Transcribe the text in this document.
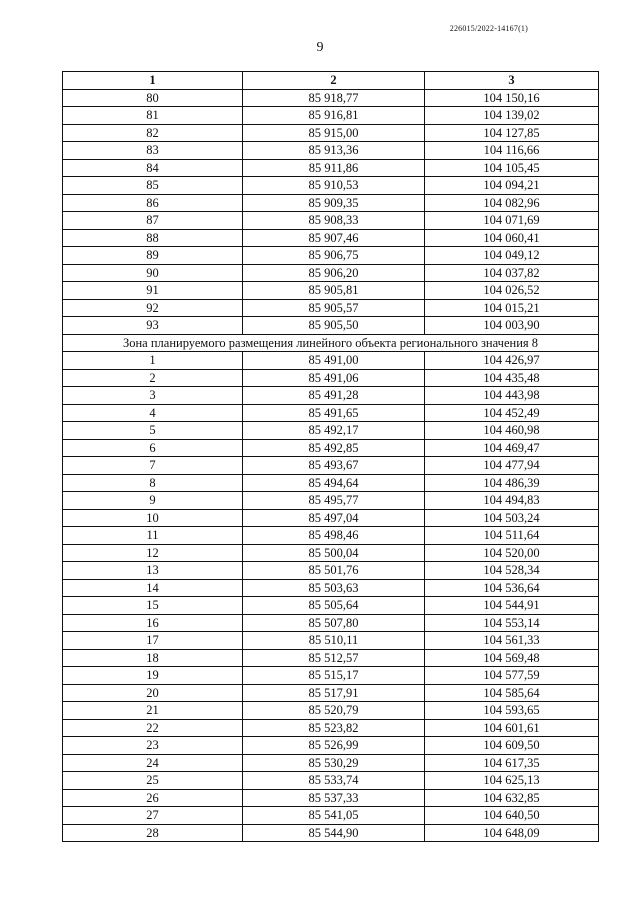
226015/2022-14167(1)
9
1	2	3
80	85 918,77	104 150,16
81	85 916,81	104 139,02
82	85 915,00	104 127,85
83	85 913,36	104 116,66
84	85 911,86	104 105,45
85	85 910,53	104 094,21
86	85 909,35	104 082,96
87	85 908,33	104 071,69
88	85 907,46	104 060,41
89	85 906,75	104 049,12
90	85 906,20	104 037,82
91	85 905,81	104 026,52
92	85 905,57	104 015,21
93	85 905,50	104 003,90
Зона планируемого размещения линейного объекта регионального значения 8		
1	85 491,00	104 426,97
2	85 491,06	104 435,48
3	85 491,28	104 443,98
4	85 491,65	104 452,49
5	85 492,17	104 460,98
6	85 492,85	104 469,47
7	85 493,67	104 477,94
8	85 494,64	104 486,39
9	85 495,77	104 494,83
10	85 497,04	104 503,24
11	85 498,46	104 511,64
12	85 500,04	104 520,00
13	85 501,76	104 528,34
14	85 503,63	104 536,64
15	85 505,64	104 544,91
16	85 507,80	104 553,14
17	85 510,11	104 561,33
18	85 512,57	104 569,48
19	85 515,17	104 577,59
20	85 517,91	104 585,64
21	85 520,79	104 593,65
22	85 523,82	104 601,61
23	85 526,99	104 609,50
24	85 530,29	104 617,35
25	85 533,74	104 625,13
26	85 537,33	104 632,85
27	85 541,05	104 640,50
28	85 544,90	104 648,09
